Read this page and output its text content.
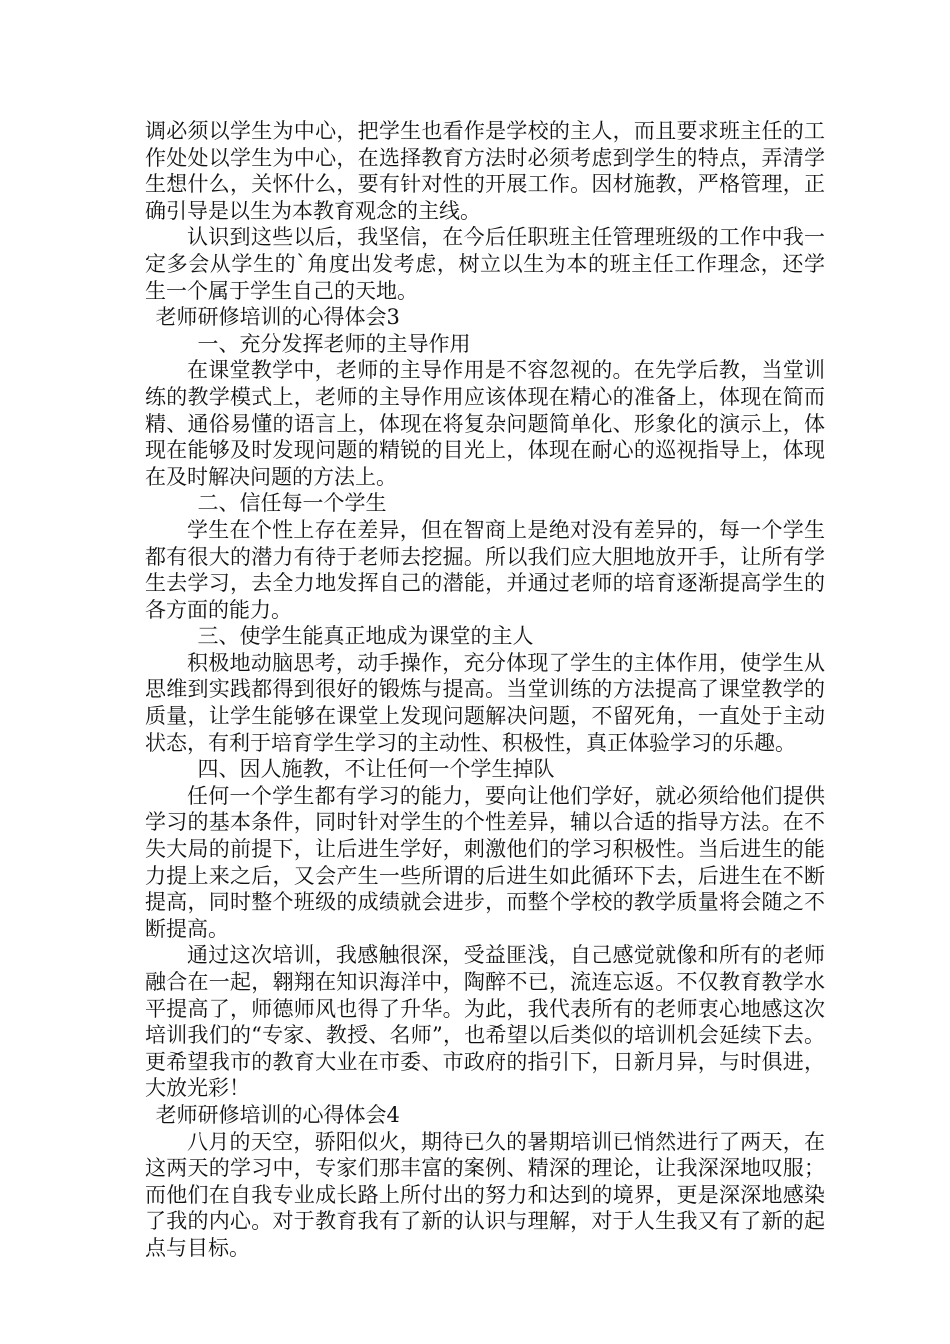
调必须以学生为中心，把学生也看作是学校的主人，而且要求班主任的工作处处以学生为中心，在选择教育方法时必须考虑到学生的特点，弄清学生想什么，关怀什么，要有针对性的开展工作。因材施教，严格管理，正确引导是以生为本教育观念的主线。

认识到这些以后，我坚信，在今后任职班主任管理班级的工作中我一定多会从学生的`角度出发考虑，树立以生为本的班主任工作理念，还学生一个属于学生自己的天地。

老师研修培训的心得体会3

一、充分发挥老师的主导作用

在课堂教学中，老师的主导作用是不容忽视的。在先学后教，当堂训练的教学模式上，老师的主导作用应该体现在精心的准备上，体现在简而精、通俗易懂的语言上，体现在将复杂问题简单化、形象化的演示上，体现在能够及时发现问题的精锐的目光上，体现在耐心的巡视指导上，体现在及时解决问题的方法上。

二、信任每一个学生

学生在个性上存在差异，但在智商上是绝对没有差异的，每一个学生都有很大的潜力有待于老师去挖掘。所以我们应大胆地放开手，让所有学生去学习，去全力地发挥自己的潜能，并通过老师的培育逐渐提高学生的各方面的能力。

三、使学生能真正地成为课堂的主人

积极地动脑思考，动手操作，充分体现了学生的主体作用，使学生从思维到实践都得到很好的锻炼与提高。当堂训练的方法提高了课堂教学的质量，让学生能够在课堂上发现问题解决问题，不留死角，一直处于主动状态，有利于培育学生学习的主动性、积极性，真正体验学习的乐趣。

四、因人施教，不让任何一个学生掉队

任何一个学生都有学习的能力，要向让他们学好，就必须给他们提供学习的基本条件，同时针对学生的个性差异，辅以合适的指导方法。在不失大局的前提下，让后进生学好，刺激他们的学习积极性。当后进生的能力提上来之后，又会产生一些所谓的后进生如此循环下去，后进生在不断提高，同时整个班级的成绩就会进步，而整个学校的教学质量将会随之不断提高。

通过这次培训，我感触很深，受益匪浅，自己感觉就像和所有的老师融合在一起，翱翔在知识海洋中，陶醉不已，流连忘返。不仅教育教学水平提高了，师德师风也得了升华。为此，我代表所有的老师衷心地感这次培训我们的“专家、教授、名师”，也希望以后类似的培训机会延续下去。更希望我市的教育大业在市委、市政府的指引下，日新月异，与时俱进，大放光彩！

老师研修培训的心得体会4

八月的天空，骄阳似火，期待已久的暑期培训已悄然进行了两天，在这两天的学习中，专家们那丰富的案例、精深的理论，让我深深地叹服；而他们在自我专业成长路上所付出的努力和达到的境界，更是深深地感染了我的内心。对于教育我有了新的认识与理解，对于人生我又有了新的起点与目标。
